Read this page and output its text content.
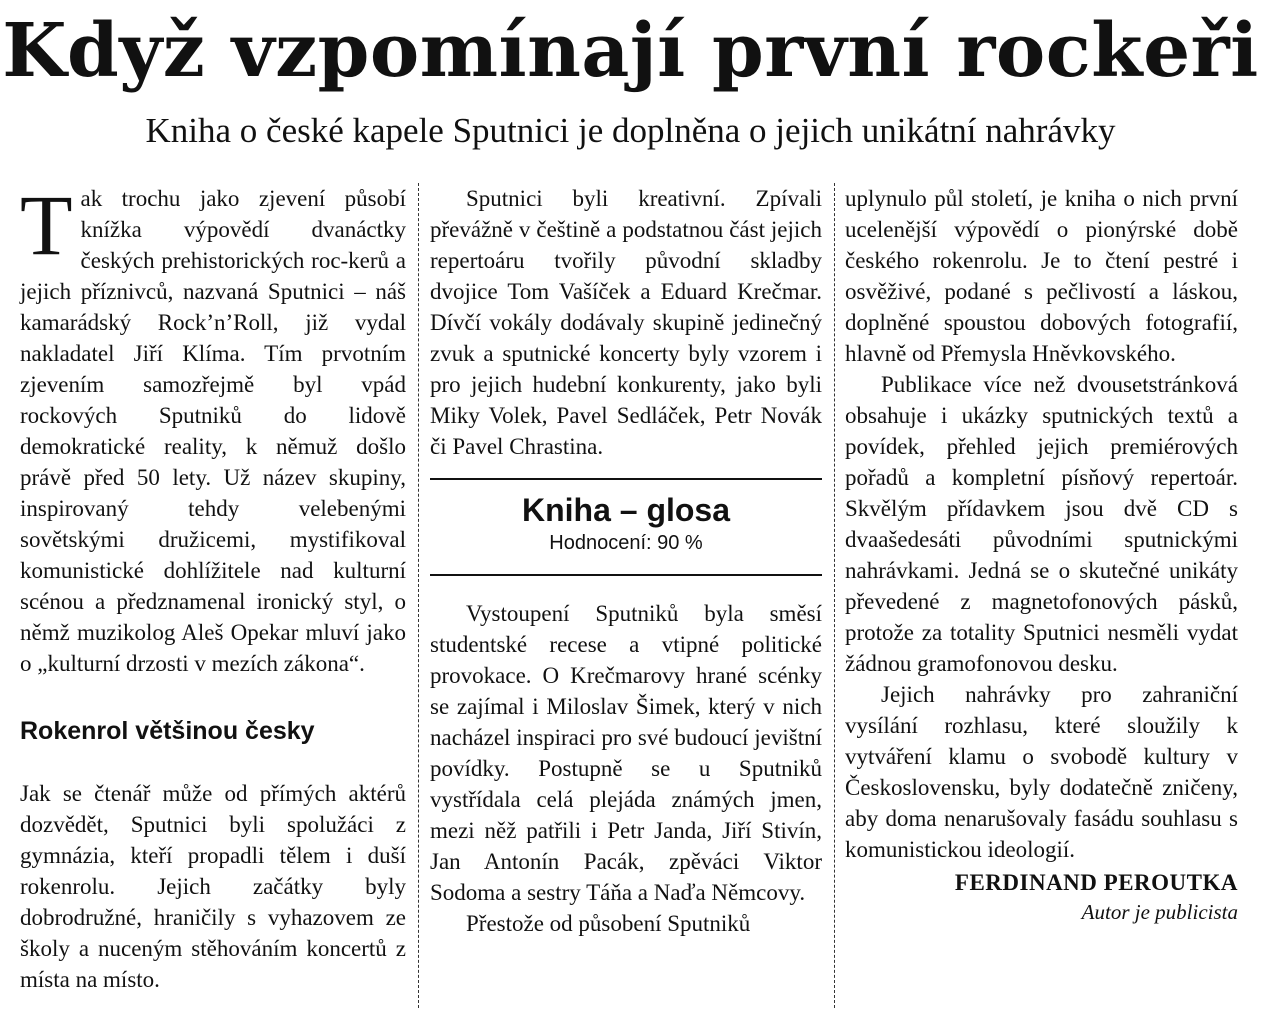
Když vzpomínají první rockeři
Kniha o české kapele Sputnici je doplněna o jejich unikátní nahrávky

Tak trochu jako zjevení působí knížka výpovědí dvanáctky českých prehistorických roc-kerů a jejich příznivců, nazvaná Sputnici – náš kamarádský Rock’n’Roll, již vydal nakladatel Jiří Klíma. Tím prvotním zjevením samozřejmě byl vpád rockových Sputniků do lidově demokratické reality, k němuž došlo právě před 50 lety. Už název skupiny, inspirovaný tehdy velebenými sovětskými družicemi, mystifikoval komunistické dohlížitele nad kulturní scénou a předznamenal ironický styl, o němž muzikolog Aleš Opekar mluví jako o „kulturní drzosti v mezích zákona“.

Rokenrol většinou česky

Jak se čtenář může od přímých aktérů dozvědět, Sputnici byli spolužáci z gymnázia, kteří propadli tělem i duší rokenrolu. Jejich začátky byly dobrodružné, hraničily s vyhazovem ze školy a nuceným stěhováním koncertů z místa na místo.

Sputnici byli kreativní. Zpívali převážně v češtině a podstatnou část jejich repertoáru tvořily původní skladby dvojice Tom Vašíček a Eduard Krečmar. Dívčí vokály dodávaly skupině jedinečný zvuk a sputnické koncerty byly vzorem i pro jejich hudební konkurenty, jako byli Miky Volek, Pavel Sedláček, Petr Novák či Pavel Chrastina.

Kniha – glosa
Hodnocení: 90 %

Vystoupení Sputniků byla směsí studentské recese a vtipné politické provokace. O Krečmarovy hrané scénky se zajímal i Miloslav Šimek, který v nich nacházel inspiraci pro své budoucí jevištní povídky. Postupně se u Sputniků vystřídala celá plejáda známých jmen, mezi něž patřili i Petr Janda, Jiří Stivín, Jan Antonín Pacák, zpěváci Viktor Sodoma a sestry Táňa a Naďa Němcovy.

Přestože od působení Sputniků

uplynulo půl století, je kniha o nich první ucelenější výpovědí o pionýrské době českého rokenrolu. Je to čtení pestré i osvěživé, podané s pečlivostí a láskou, doplněné spoustou dobových fotografií, hlavně od Přemysla Hněvkovského.

Publikace více než dvousetstránková obsahuje i ukázky sputnických textů a povídek, přehled jejich premiérových pořadů a kompletní písňový repertoár. Skvělým přídavkem jsou dvě CD s dvaašedesáti původními sputnickými nahrávkami. Jedná se o skutečné unikáty převedené z magnetofonových pásků, protože za totality Sputnici nesměli vydat žádnou gramofonovou desku.

Jejich nahrávky pro zahraniční vysílání rozhlasu, které sloužily k vytváření klamu o svobodě kultury v Československu, byly dodatečně zničeny, aby doma nenarušovaly fasádu souhlasu s komunistickou ideologií.

FERDINAND PEROUTKA
Autor je publicista
